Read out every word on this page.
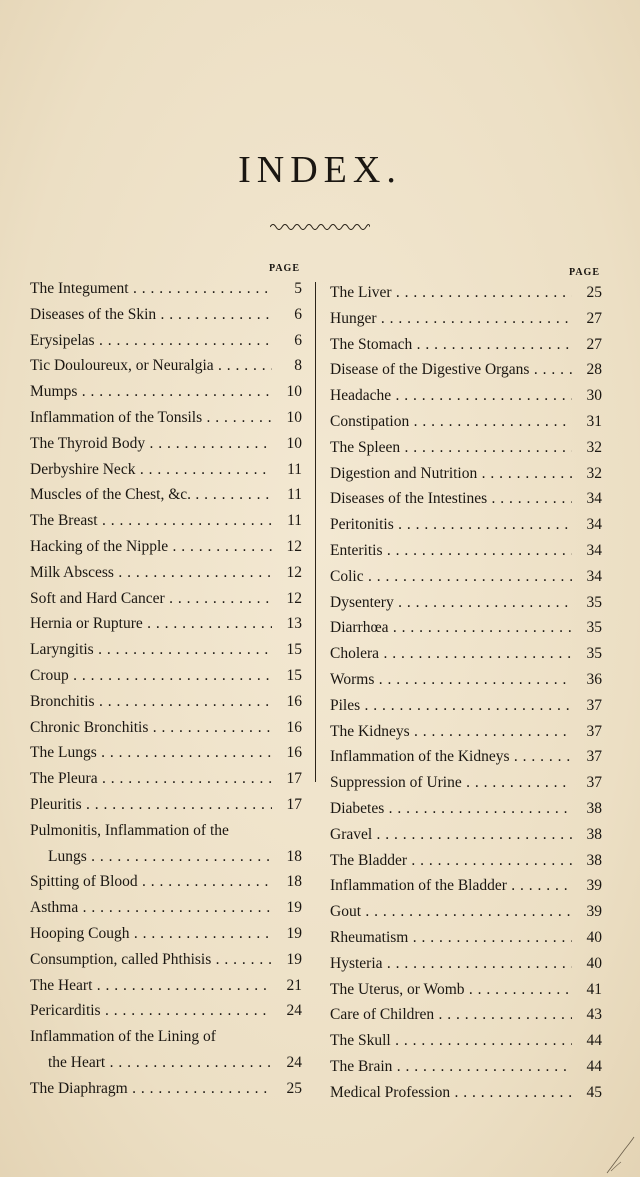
INDEX.
PAGE
The Integument . . .	5
Diseases of the Skin . . .	6
Erysipelas . . .	6
Tic Douloureux, or Neuralgia . . .	8
Mumps . . .	10
Inflammation of the Tonsils . . .	10
The Thyroid Body . . .	10
Derbyshire Neck . . .	11
Muscles of the Chest, &c. . . .	11
The Breast . . .	11
Hacking of the Nipple . . .	12
Milk Abscess . . .	12
Soft and Hard Cancer . . .	12
Hernia or Rupture . . .	13
Laryngitis . . .	15
Croup . . .	15
Bronchitis . . .	16
Chronic Bronchitis . . .	16
The Lungs . . .	16
The Pleura . . .	17
Pleuritis . . .	17
Pulmonitis, Inflammation of the
Lungs . . .	18
Spitting of Blood . . .	18
Asthma . . .	19
Hooping Cough . . .	19
Consumption, called Phthisis . . .	19
The Heart . . .	21
Pericarditis . . .	24
Inflammation of the Lining of
the Heart . . .	24
The Diaphragm . . .	25
PAGE
The Liver . . .	25
Hunger . . .	27
The Stomach . . .	27
Disease of the Digestive Organs . . .	28
Headache . . .	30
Constipation . . .	31
The Spleen . . .	32
Digestion and Nutrition . . .	32
Diseases of the Intestines . . .	34
Peritonitis . . .	34
Enteritis . . .	34
Colic . . .	34
Dysentery . . .	35
Diarrhœa . . .	35
Cholera . . .	35
Worms . . .	36
Piles . . .	37
The Kidneys . . .	37
Inflammation of the Kidneys . . .	37
Suppression of Urine . . .	37
Diabetes . . .	38
Gravel . . .	38
The Bladder . . .	38
Inflammation of the Bladder . . .	39
Gout . . .	39
Rheumatism . . .	40
Hysteria . . .	40
The Uterus, or Womb . . .	41
Care of Children . . .	43
The Skull . . .	44
The Brain . . .	44
Medical Profession . . .	45
